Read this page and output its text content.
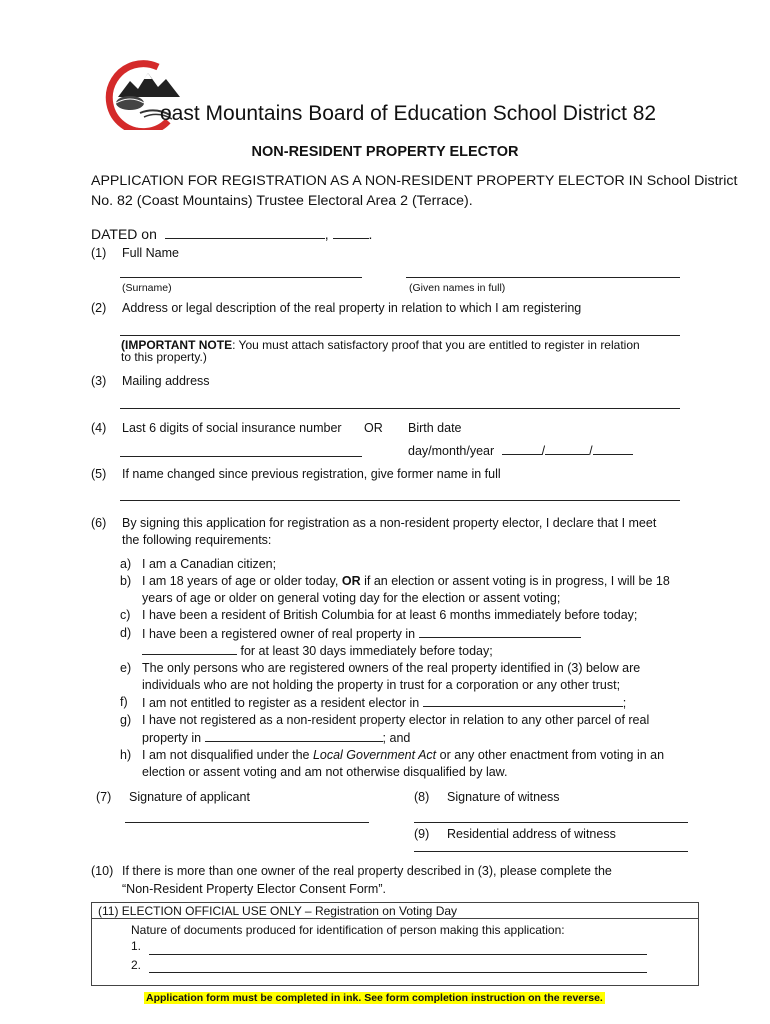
oast Mountains Board of Education School District 82
NON-RESIDENT PROPERTY ELECTOR
APPLICATION FOR REGISTRATION AS A NON-RESIDENT PROPERTY ELECTOR IN School District
No. 82 (Coast Mountains) Trustee Electoral Area 2 (Terrace).
DATED on	,	.
(1) Full Name
(Surname)	(Given names in full)
(2) Address or legal description of the real property in relation to which I am registering
(IMPORTANT NOTE: You must attach satisfactory proof that you are entitled to register in relation
to this property.)
(3) Mailing address
(4) Last 6 digits of social insurance number OR Birth date
day/month/year	/	/
(5) If name changed since previous registration, give former name in full
(6) By signing this application for registration as a non-resident property elector, I declare that I meet
the following requirements:
a) I am a Canadian citizen;
b) I am 18 years of age or older today, OR if an election or assent voting is in progress, I will be 18
years of age or older on general voting day for the election or assent voting;
c) I have been a resident of British Columbia for at least 6 months immediately before today;
d) I have been a registered owner of real property in
for at least 30 days immediately before today;
e) The only persons who are registered owners of the real property identified in (3) below are
individuals who are not holding the property in trust for a corporation or any other trust;
f) I am not entitled to register as a resident elector in	;
g) I have not registered as a non-resident property elector in relation to any other parcel of real
property in	; and
h) I am not disqualified under the Local Government Act or any other enactment from voting in an
election or assent voting and am not otherwise disqualified by law.
(7) Signature of applicant	(8) Signature of witness
(9) Residential address of witness
(10) If there is more than one owner of the real property described in (3), please complete the
“Non-Resident Property Elector Consent Form”.
(11) ELECTION OFFICIAL USE ONLY – Registration on Voting Day
Nature of documents produced for identification of person making this application:
1.
2.
Application form must be completed in ink. See form completion instruction on the reverse.
